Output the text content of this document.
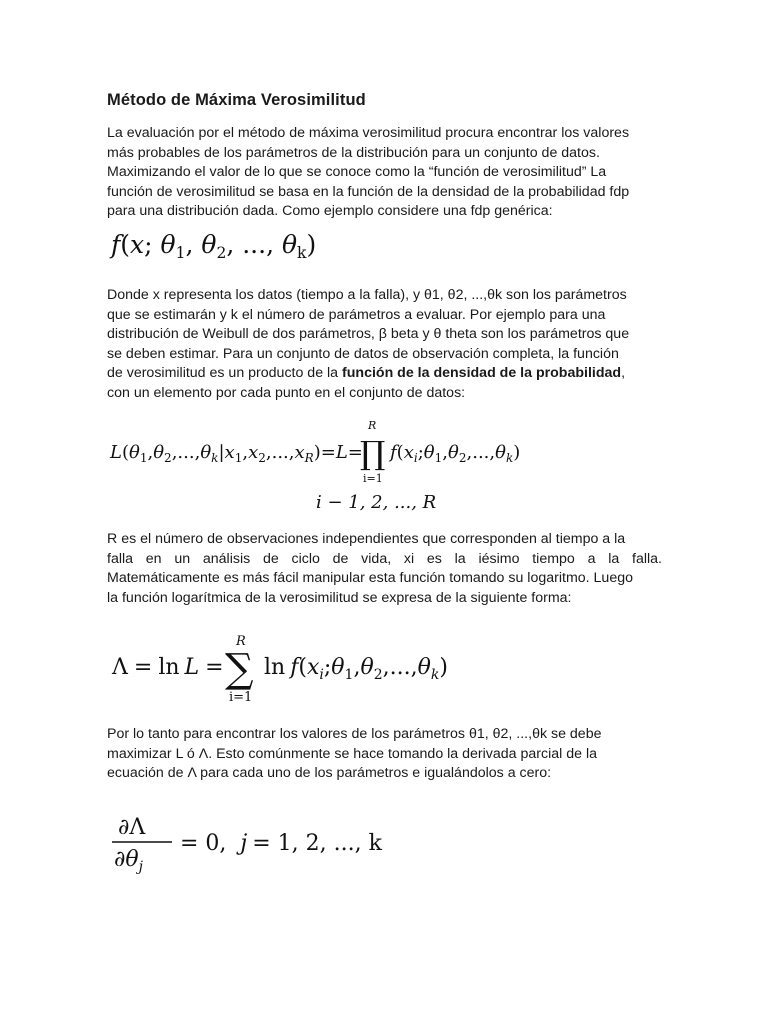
Método de Máxima Verosimilitud
La evaluación por el método de máxima verosimilitud procura encontrar los valores
más probables de los parámetros de la distribución para un conjunto de datos.
Maximizando el valor de lo que se conoce como la “función de verosimilitud” La
función de verosimilitud se basa en la función de la densidad de la probabilidad fdp
para una distribución dada. Como ejemplo considere una fdp genérica:
f(x; $\theta_1$, $\theta_2$, ..., $\theta_k$)
Donde x representa los datos (tiempo a la falla), y θ1, θ2, ...,θk son los parámetros
que se estimarán y k el número de parámetros a evaluar. Por ejemplo para una
distribución de Weibull de dos parámetros, β beta y θ theta son los parámetros que
se deben estimar. Para un conjunto de datos de observación completa, la función
de verosimilitud es un producto de la función de la densidad de la probabilidad,
con un elemento por cada punto en el conjunto de datos:
$L(\theta_1,\theta_2,...,\theta_k|x_1,x_2,...,x_R)=L=$
R
∏
i=1
$f(x_i;\theta_1,\theta_2,...,\theta_k)$
i − 1, 2, ..., R
R es el número de observaciones independientes que corresponden al tiempo a la
falla en un análisis de ciclo de vida, xi es la iésimo tiempo a la falla.
Matemáticamente es más fácil manipular esta función tomando su logaritmo. Luego
la función logarítmica de la verosimilitud se expresa de la siguiente forma:
Λ = ln L =
R
∑
i=1
$\ln f(x_i;\theta_1,\theta_2,...,\theta_k)$
Por lo tanto para encontrar los valores de los parámetros θ1, θ2, ...,θk se debe
maximizar L ó Λ. Esto comúnmente se hace tomando la derivada parcial de la
ecuación de Λ para cada uno de los parámetros e igualándolos a cero:
∂Λ
$\partial\theta_j$
= 0, j = 1, 2, ..., k
